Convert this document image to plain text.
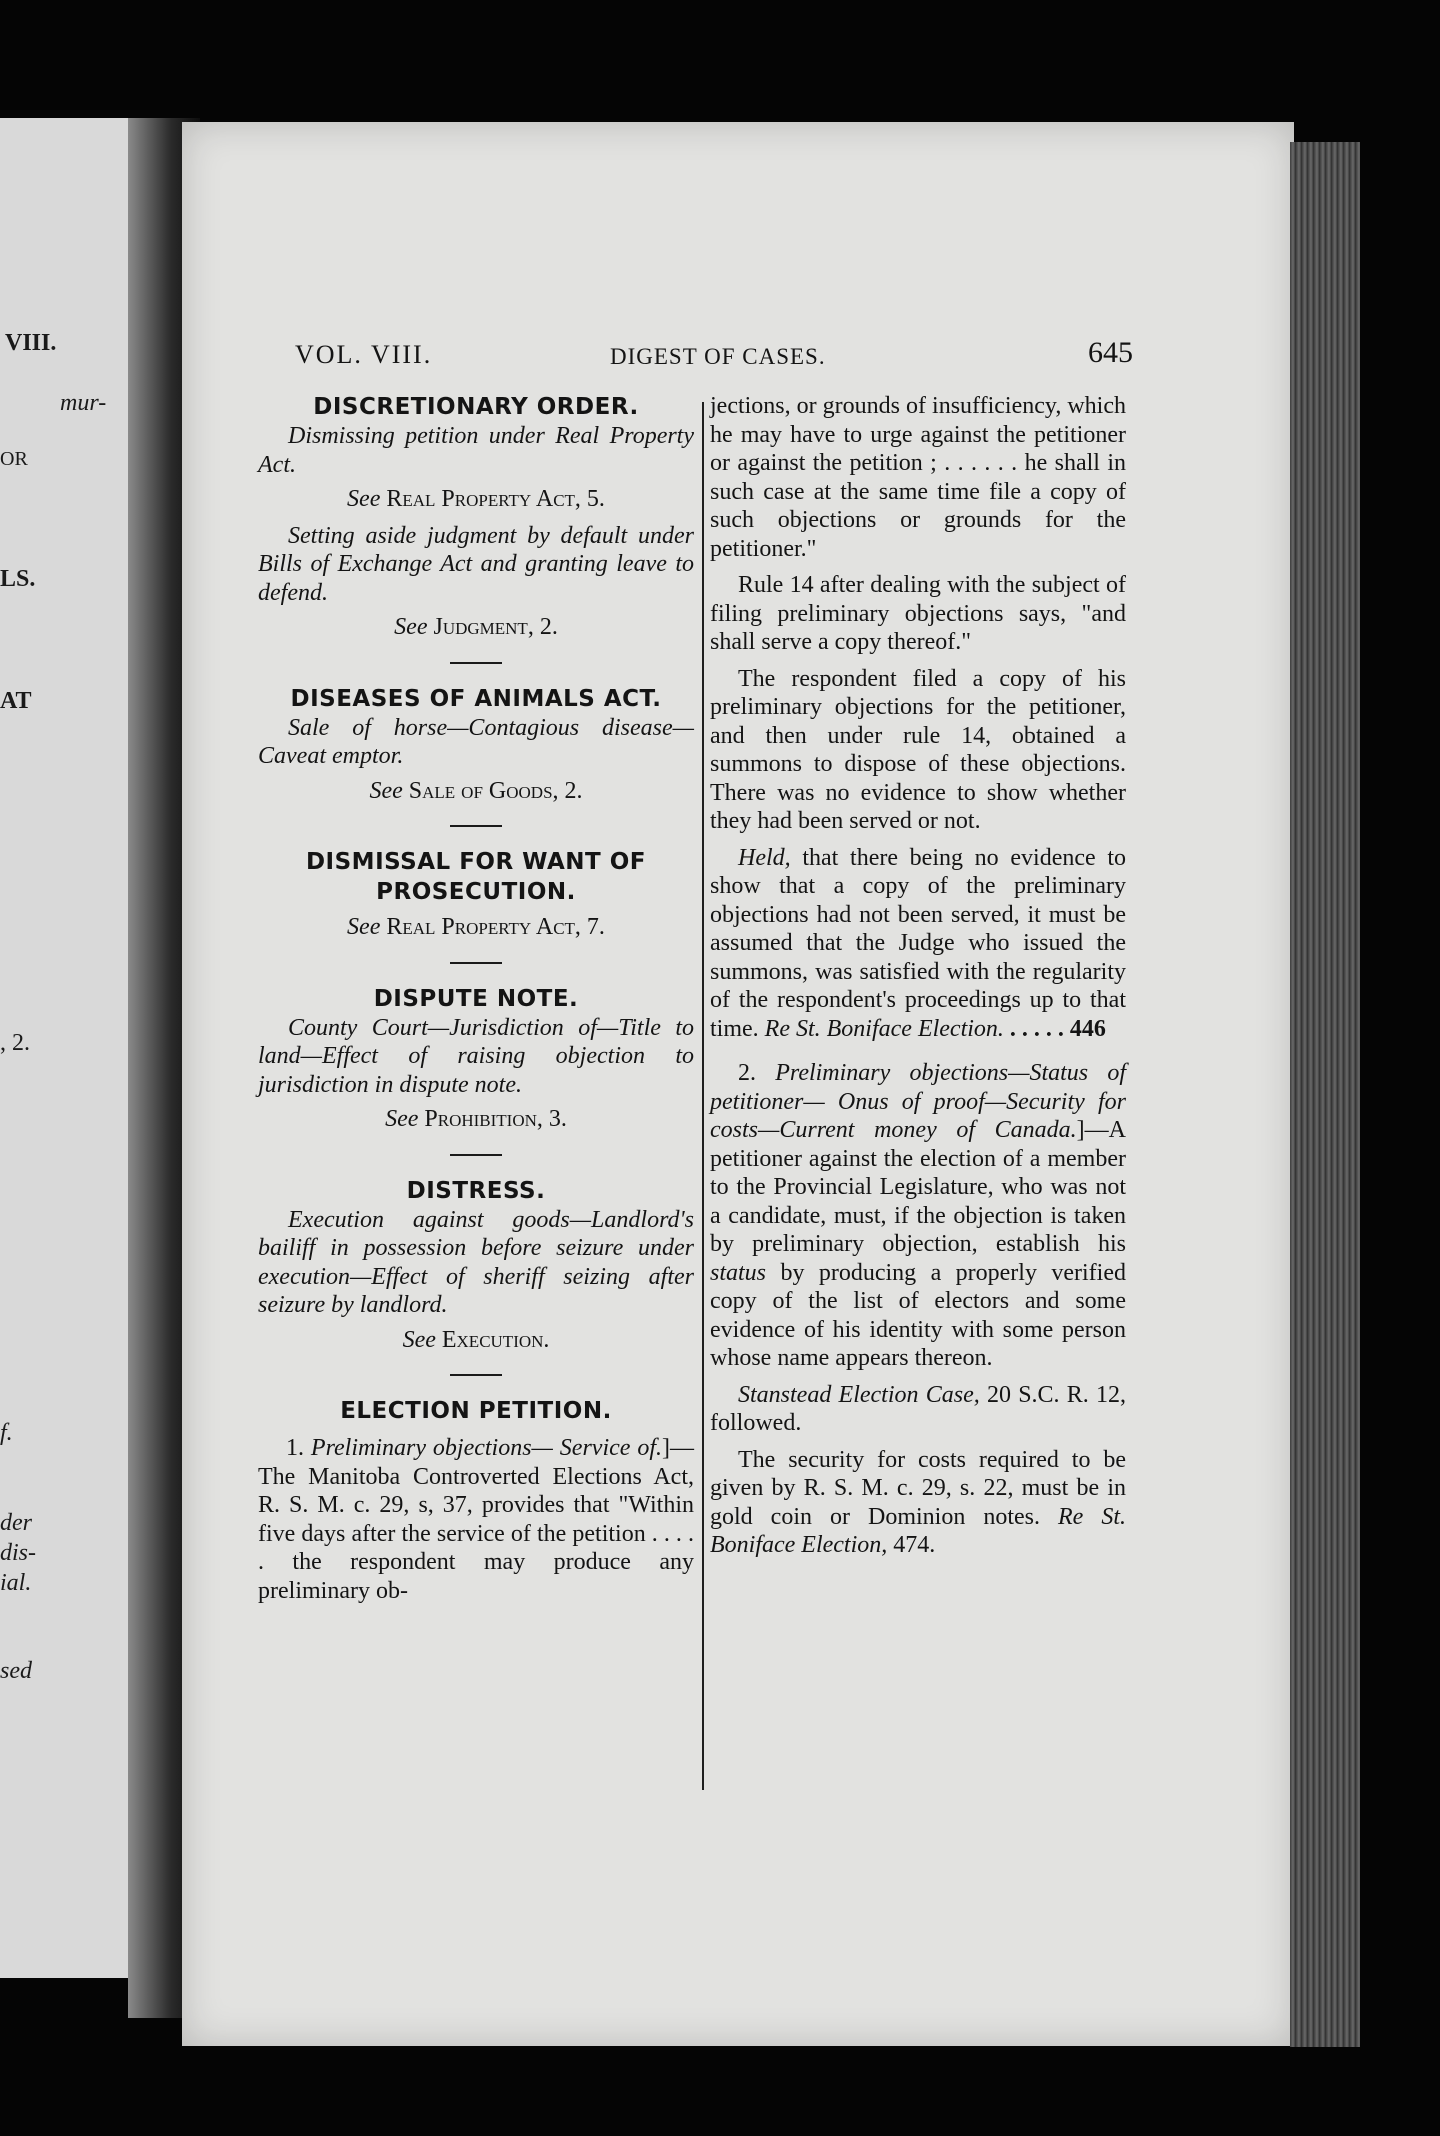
VIII.
mur-
OR
LS.
AT
, 2.
f.
der
dis-
ial.
sed
VOL. VIII.	DIGEST OF CASES.	645

DISCRETIONARY ORDER.

Dismissing petition under Real Property Act.

See Real Property Act, 5.

Setting aside judgment by default under Bills of Exchange Act and granting leave to defend.

See Judgment, 2.

DISEASES OF ANIMALS ACT.

Sale of horse—Contagious disease—Caveat emptor.

See Sale of Goods, 2.

DISMISSAL FOR WANT OF PROSECUTION.

See Real Property Act, 7.

DISPUTE NOTE.

County Court—Jurisdiction of—Title to land—Effect of raising objection to jurisdiction in dispute note.

See Prohibition, 3.

DISTRESS.

Execution against goods—Landlord's bailiff in possession before seizure under execution—Effect of sheriff seizing after seizure by landlord.

See Execution.

ELECTION PETITION.

1. Preliminary objections— Service of.]—The Manitoba Controverted Elections Act, R. S. M. c. 29, s, 37, provides that "Within five days after the service of the petition . . . . . the respondent may produce any preliminary ob-

jections, or grounds of insufficiency, which he may have to urge against the petitioner or against the petition ; . . . . . . he shall in such case at the same time file a copy of such objections or grounds for the petitioner."

Rule 14 after dealing with the subject of filing preliminary objections says, "and shall serve a copy thereof."

The respondent filed a copy of his preliminary objections for the petitioner, and then under rule 14, obtained a summons to dispose of these objections. There was no evidence to show whether they had been served or not.

Held, that there being no evidence to show that a copy of the preliminary objections had not been served, it must be assumed that the Judge who issued the summons, was satisfied with the regularity of the respondent's proceedings up to that time. Re St. Boniface Election. . . . . . 446

2. Preliminary objections—Status of petitioner— Onus of proof—Security for costs—Current money of Canada.]—A petitioner against the election of a member to the Provincial Legislature, who was not a candidate, must, if the objection is taken by preliminary objection, establish his status by producing a properly verified copy of the list of electors and some evidence of his identity with some person whose name appears thereon.

Stanstead Election Case, 20 S.C. R. 12, followed.

The security for costs required to be given by R. S. M. c. 29, s. 22, must be in gold coin or Dominion notes. Re St. Boniface Election, 474.
